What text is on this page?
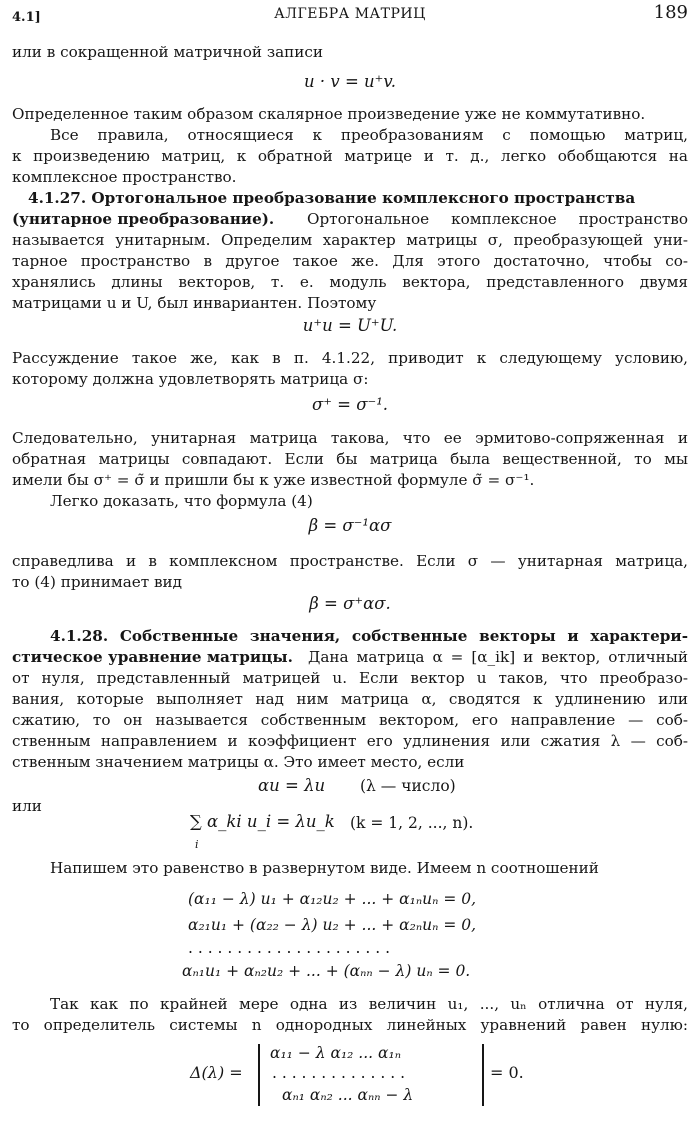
4.1]	АЛГЕБРА МАТРИЦ	189
или в сокращенной матричной записи
u · v = u⁺v.
Определенное таким образом скалярное произведение уже не коммутативно.
Все правила, относящиеся к преобразованиям с помощью матриц,
к произведению матриц, к обратной матрице и т. д., легко обобщаются на
комплексное пространство.
4.1.27. Ортогональное преобразование комплексного пространства
(унитарное преобразование). Ортогональное комплексное пространство
называется унитарным. Определим характер матрицы σ, преобразующей уни-
тарное пространство в другое такое же. Для этого достаточно, чтобы со-
хранялись длины векторов, т. е. модуль вектора, представленного двумя
матрицами u и U, был инвариантен. Поэтому
u⁺u = U⁺U.
Рассуждение такое же, как в п. 4.1.22, приводит к следующему условию,
которому должна удовлетворять матрица σ:
σ⁺ = σ⁻¹.
Следовательно, унитарная матрица такова, что ее эрмитово-сопряженная и
обратная матрицы совпадают. Если бы матрица была вещественной, то мы
имели бы σ⁺ = σ̃ и пришли бы к уже известной формуле σ̃ = σ⁻¹.
Легко доказать, что формула (4)
β = σ⁻¹ασ
справедлива и в комплексном пространстве. Если σ — унитарная матрица,
то (4) принимает вид
β = σ⁺ασ.
4.1.28. Собственные значения, собственные векторы и характери-
стическое уравнение матрицы. Дана матрица α = [α_ik] и вектор, отличный
от нуля, представленный матрицей u. Если вектор u таков, что преобразо-
вания, которые выполняет над ним матрица α, сводятся к удлинению или
сжатию, то он называется собственным вектором, его направление — соб-
ственным направлением и коэффициент его удлинения или сжатия λ — соб-
ственным значением матрицы α. Это имеет место, если
αu = λu (λ — число)
или
∑ α_ki u_i = λu_k
i
(k = 1, 2, ..., n).
Напишем это равенство в развернутом виде. Имеем n соотношений
(α₁₁ − λ) u₁ + α₁₂u₂ + ... + α₁ₙuₙ = 0,
α₂₁u₁ + (α₂₂ − λ) u₂ + ... + α₂ₙuₙ = 0,
. . . . . . . . . . . . . . . . . . . . .
αₙ₁u₁ + αₙ₂u₂ + ... + (αₙₙ − λ) uₙ = 0.
Так как по крайней мере одна из величин u₁, ..., uₙ отлична от нуля,
то определитель системы n однородных линейных уравнений равен нулю:
Δ(λ) =
α₁₁ − λ α₁₂ ... α₁ₙ
. . . . . . . . . . . . . .
αₙ₁ αₙ₂ ... αₙₙ − λ
= 0.
